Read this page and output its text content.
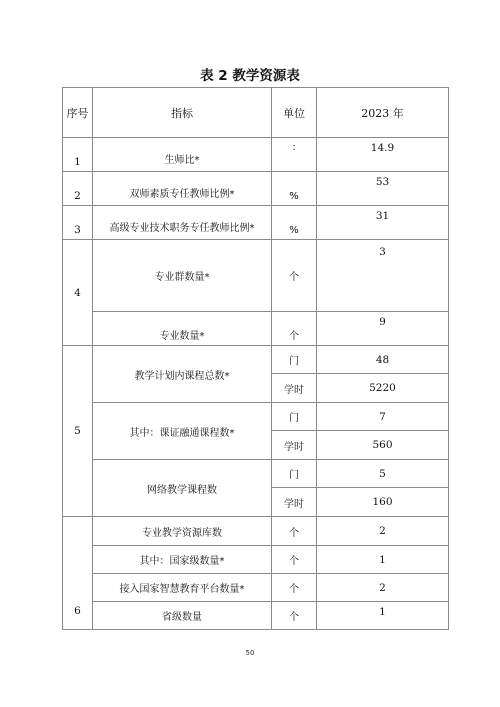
表 2 教学资源表
序号	指标	单位	2023 年
1	生师比*	:	14.9
2	双师素质专任教师比例*	%	53
3	高级专业技术职务专任教师比例*	%	31
4	专业群数量*	个	3
	专业数量*	个	9
5	教学计划内课程总数*	门	48
		学时	5220
	其中：课证融通课程数*	门	7
		学时	560
	网络教学课程数	门	5
		学时	160
6	专业教学资源库数	个	2
	其中：国家级数量*	个	1
	接入国家智慧教育平台数量*	个	2
	省级数量	个	1
50
